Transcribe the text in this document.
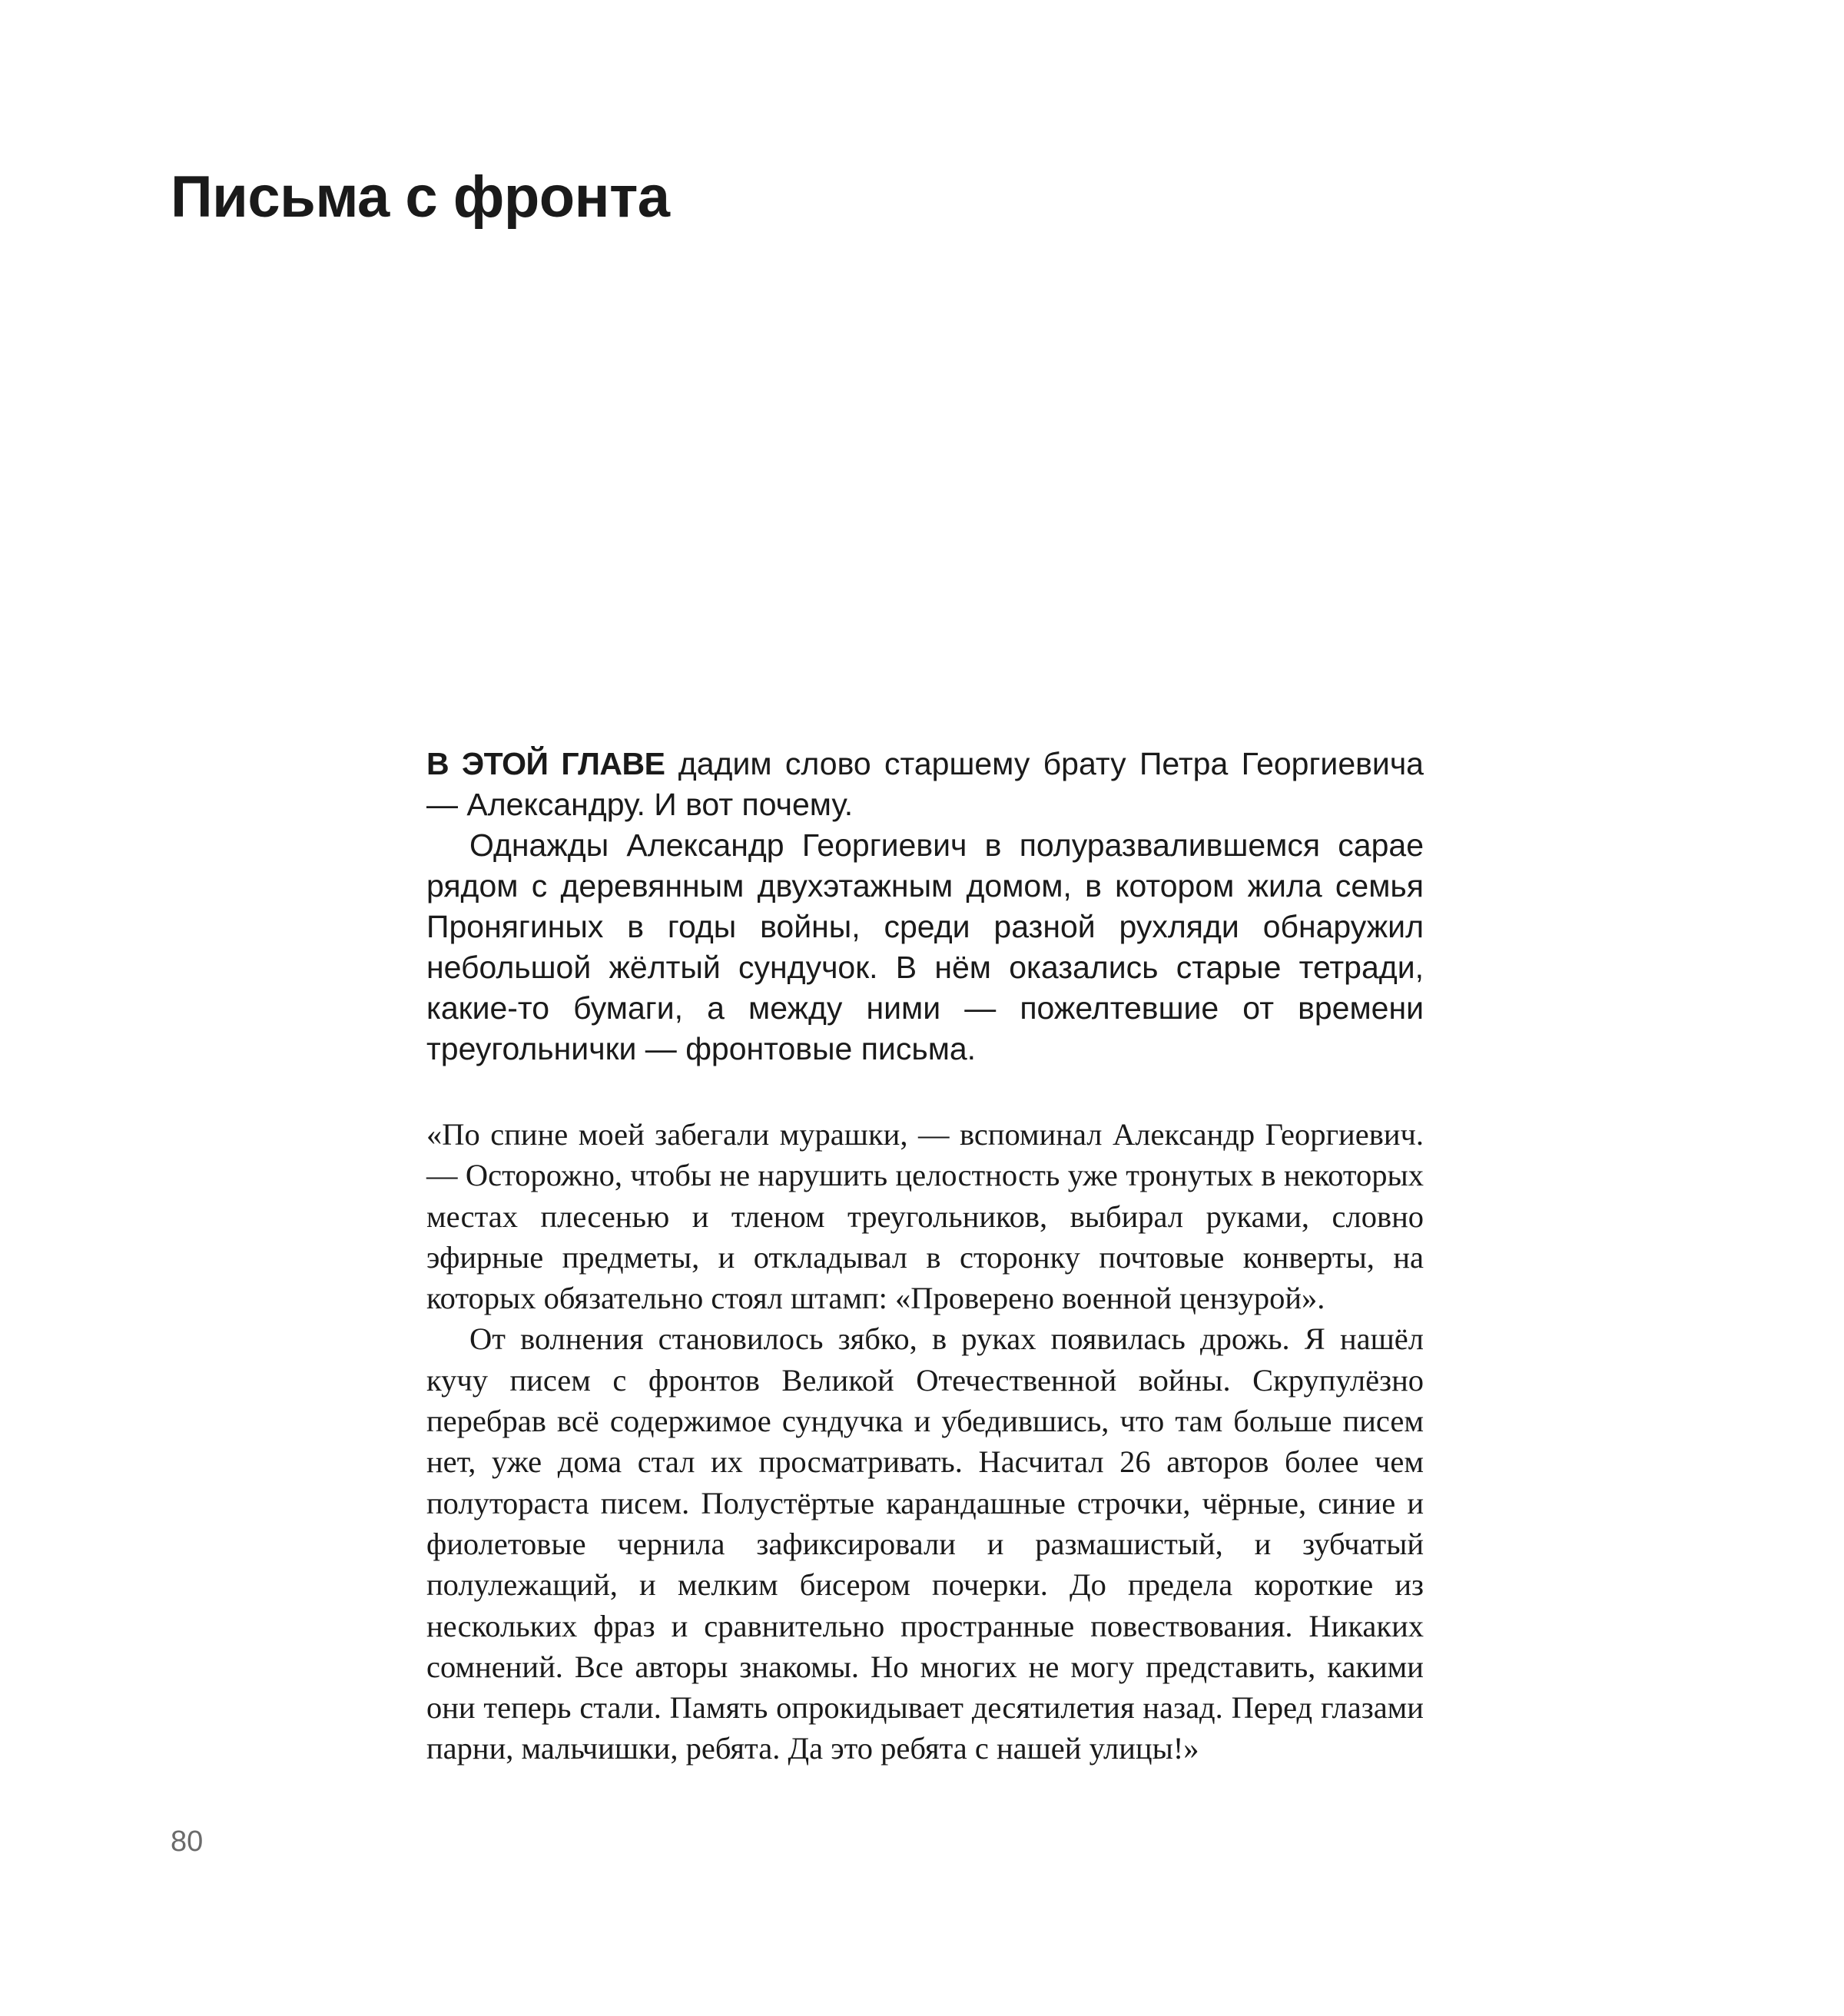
Письма с фронта

В ЭТОЙ ГЛАВЕ дадим слово старшему брату Петра Георгиевича — Александру. И вот почему.

Однажды Александр Георгиевич в полуразвалившемся сарае рядом с деревянным двухэтажным домом, в котором жила семья Пронягиных в годы войны, среди разной рухляди обнаружил небольшой жёлтый сундучок. В нём оказались старые тетради, какие-то бумаги, а между ними — пожелтевшие от времени треугольнички — фронтовые письма.

«По спине моей забегали мурашки, — вспоминал Александр Георгиевич. — Осторожно, чтобы не нарушить целостность уже тронутых в некоторых местах плесенью и тленом треугольников, выбирал руками, словно эфирные предметы, и откладывал в сторонку почтовые конверты, на которых обязательно стоял штамп: «Проверено военной цензурой».

От волнения становилось зябко, в руках появилась дрожь. Я нашёл кучу писем с фронтов Великой Отечественной войны. Скрупулёзно перебрав всё содержимое сундучка и убедившись, что там больше писем нет, уже дома стал их просматривать. Насчитал 26 авторов более чем полутораста писем. Полустёртые карандашные строчки, чёрные, синие и фиолетовые чернила зафиксировали и размашистый, и зубчатый полулежащий, и мелким бисером почерки. До предела короткие из нескольких фраз и сравнительно пространные повествования. Никаких сомнений. Все авторы знакомы. Но многих не могу представить, какими они теперь стали. Память опрокидывает десятилетия назад. Перед глазами парни, мальчишки, ребята. Да это ребята с нашей улицы!»

80
